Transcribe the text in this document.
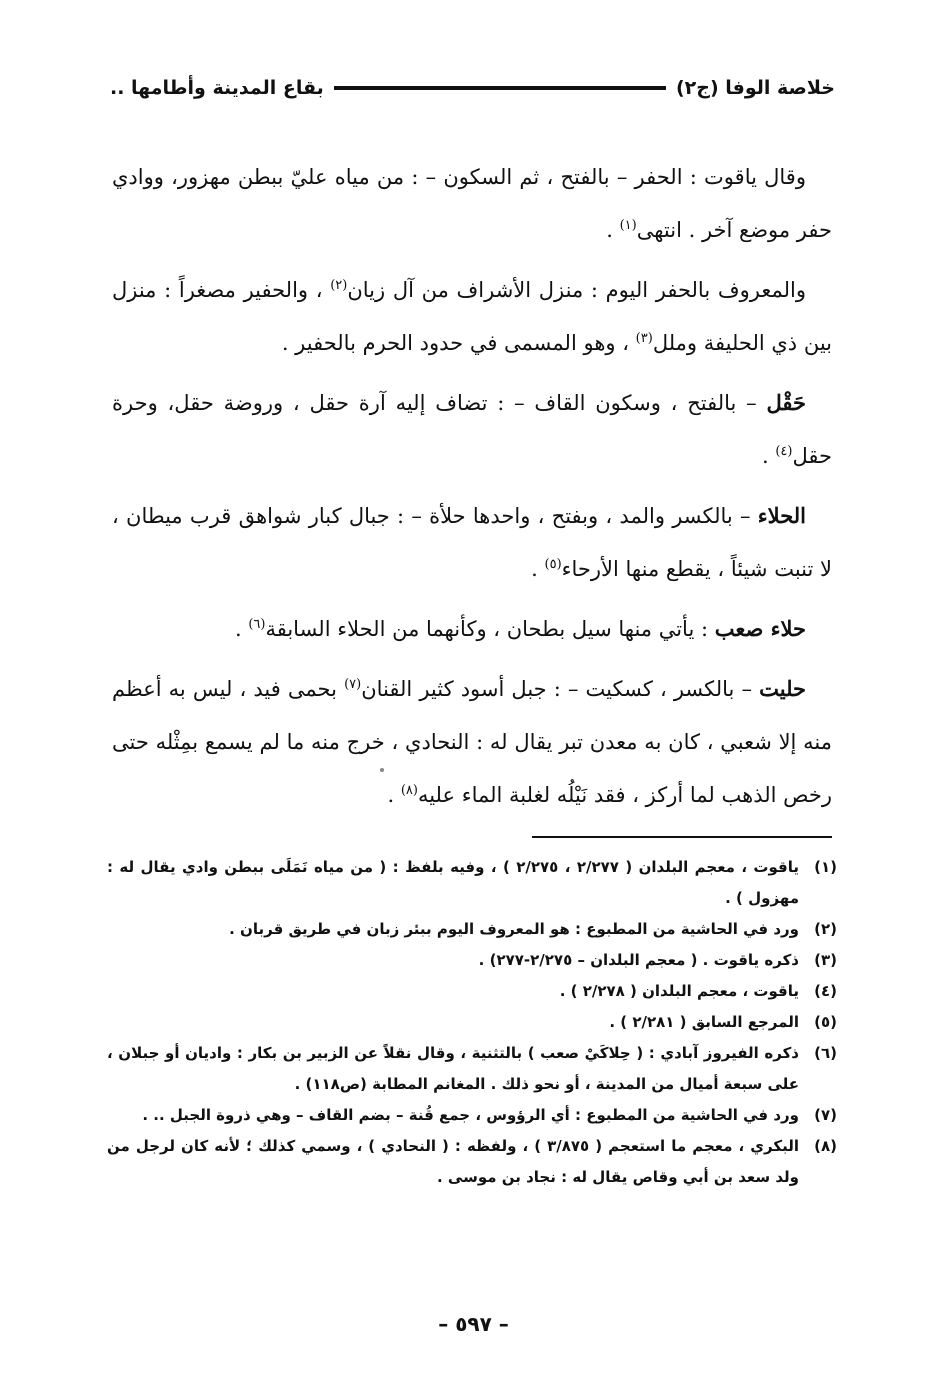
خلاصة الوفا (ج٢)
بقاع المدينة وأطامها ..

وقال ياقوت : الحفر – بالفتح ، ثم السكون – : من مياه عليّ ببطن مهزور، ووادي حفر موضع آخر . انتهى$^{(١)}$ .

والمعروف بالحفر اليوم : منزل الأشراف من آل زيان$^{(٢)}$ ، والحفير مصغراً : منزل بين ذي الحليفة وملل$^{(٣)}$ ، وهو المسمى في حدود الحرم بالحفير .

حَقْل – بالفتح ، وسكون القاف – : تضاف إليه آرة حقل ، وروضة حقل، وحرة حقل$^{(٤)}$ .

الحلاء – بالكسر والمد ، وبفتح ، واحدها حلأة – : جبال كبار شواهق قرب ميطان ، لا تنبت شيئاً ، يقطع منها الأرحاء$^{(٥)}$ .

حلاء صعب : يأتي منها سيل بطحان ، وكأنهما من الحلاء السابقة$^{(٦)}$ .

حليت – بالكسر ، كسكيت – : جبل أسود كثير القنان$^{(٧)}$ بحمى فيد ، ليس به أعظم منه إلا شعبي ، كان به معدن تبر يقال له : النحادي ، خرج منه ما لم يسمع بمِثْله حتى رخص الذهب لما أركز ، فقد نَيْلُه لغلبة الماء عليه$^{(٨)}$ .

(١)
ياقوت ، معجم البلدان ( ٢/٢٧٧ ، ٢/٢٧٥ ) ، وفيه بلفظ : ( من مياه نَمَلَى ببطن وادي يقال له : مهزول ) .
(٢)
ورد في الحاشية من المطبوع : هو المعروف اليوم ببئر زبان في طريق قربان .
(٣)
ذكره ياقوت . ( معجم البلدان – ٢/٢٧٥-٢٧٧) .
(٤)
ياقوت ، معجم البلدان ( ٢/٢٧٨ ) .
(٥)
المرجع السابق ( ٢/٢٨١ ) .
(٦)
ذكره الفيروز آبادي : ( حِلاكَيْ صعب ) بالتثنية ، وقال نقلاً عن الزبير بن بكار : واديان أو جبلان ، على سبعة أميال من المدينة ، أو نحو ذلك . المغانم المطابة (ص١١٨) .
(٧)
ورد في الحاشية من المطبوع : أي الرؤوس ، جمع قُنة – بضم القاف – وهي ذروة الجبل .. .
(٨)
البكري ، معجم ما استعجم ( ٣/٨٧٥ ) ، ولفظه : ( النحادي ) ، وسمي كذلك ؛ لأنه كان لرجل من ولد سعد بن أبي وقاص يقال له : نجاد بن موسى .
– ٥٩٧ –
